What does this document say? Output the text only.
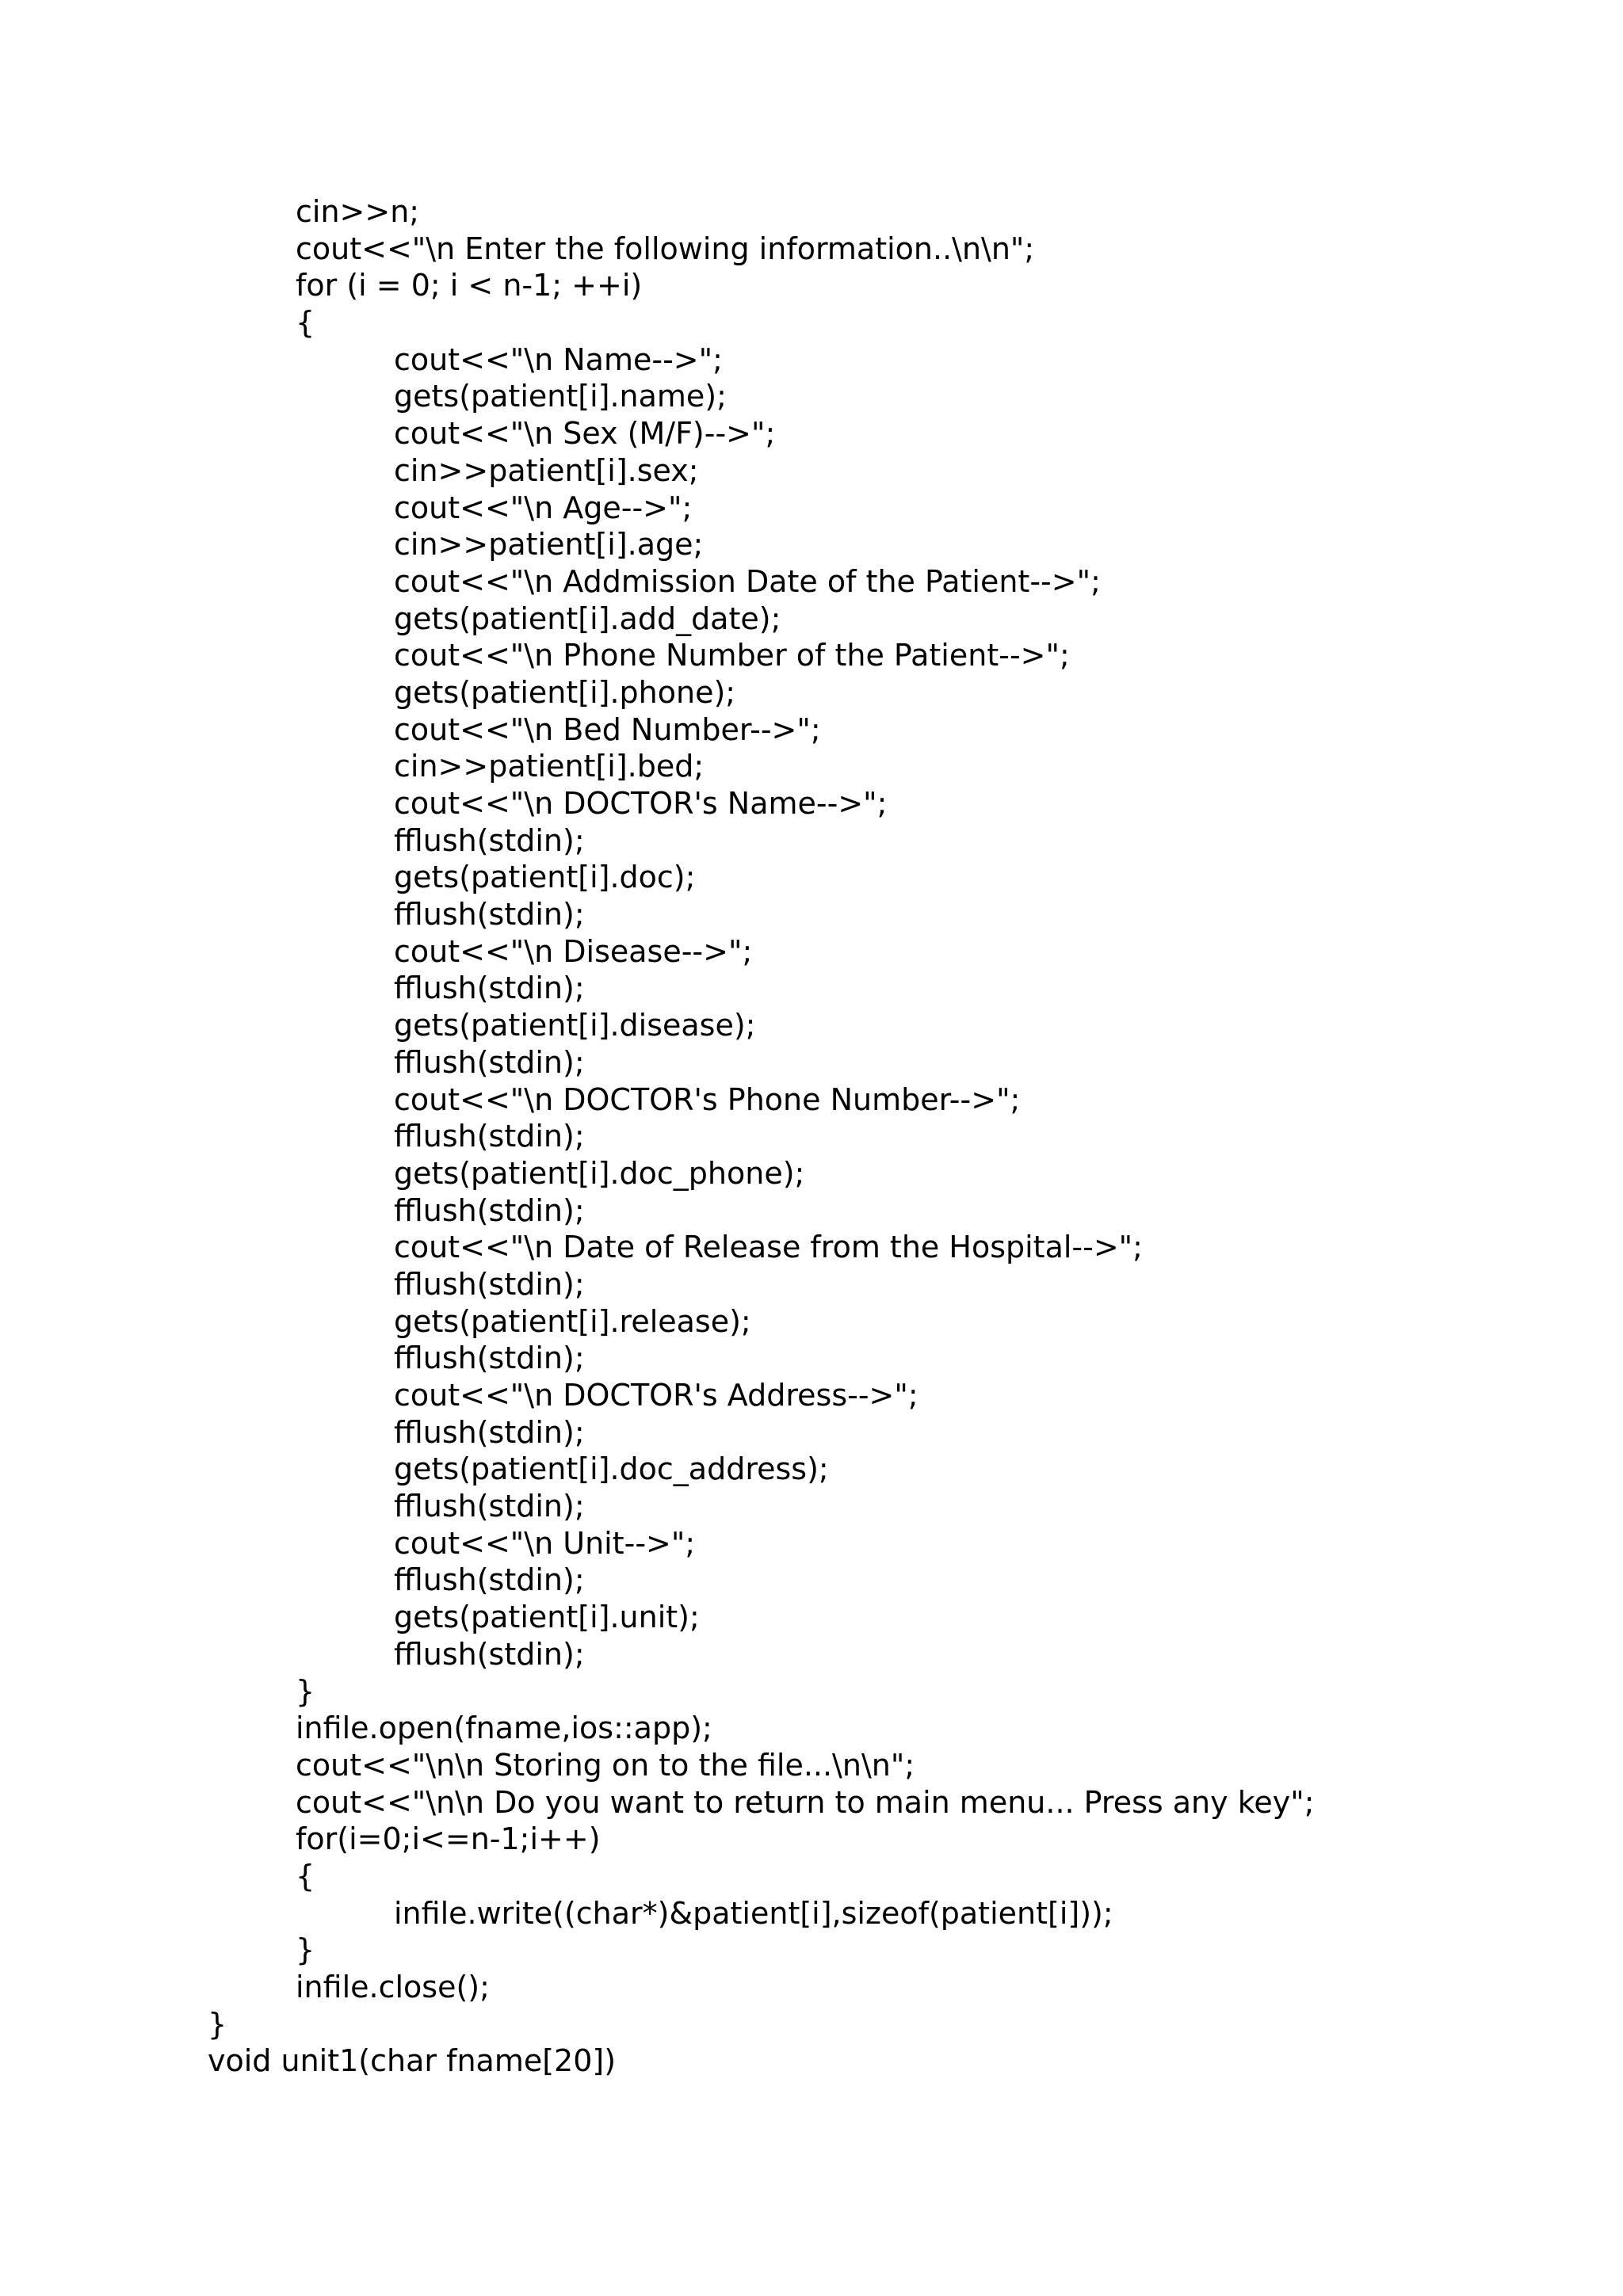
cin>>n;
cout<<"\n Enter the following information..\n\n";
for (i = 0; i < n-1; ++i)
{
cout<<"\n Name-->";
gets(patient[i].name);
cout<<"\n Sex (M/F)-->";
cin>>patient[i].sex;
cout<<"\n Age-->";
cin>>patient[i].age;
cout<<"\n Addmission Date of the Patient-->";
gets(patient[i].add_date);
cout<<"\n Phone Number of the Patient-->";
gets(patient[i].phone);
cout<<"\n Bed Number-->";
cin>>patient[i].bed;
cout<<"\n DOCTOR's Name-->";
fflush(stdin);
gets(patient[i].doc);
fflush(stdin);
cout<<"\n Disease-->";
fflush(stdin);
gets(patient[i].disease);
fflush(stdin);
cout<<"\n DOCTOR's Phone Number-->";
fflush(stdin);
gets(patient[i].doc_phone);
fflush(stdin);
cout<<"\n Date of Release from the Hospital-->";
fflush(stdin);
gets(patient[i].release);
fflush(stdin);
cout<<"\n DOCTOR's Address-->";
fflush(stdin);
gets(patient[i].doc_address);
fflush(stdin);
cout<<"\n Unit-->";
fflush(stdin);
gets(patient[i].unit);
fflush(stdin);
}
infile.open(fname,ios::app);
cout<<"\n\n Storing on to the file...\n\n";
cout<<"\n\n Do you want to return to main menu... Press any key";
for(i=0;i<=n-1;i++)
{
infile.write((char*)&patient[i],sizeof(patient[i]));
}
infile.close();
}
void unit1(char fname[20])
